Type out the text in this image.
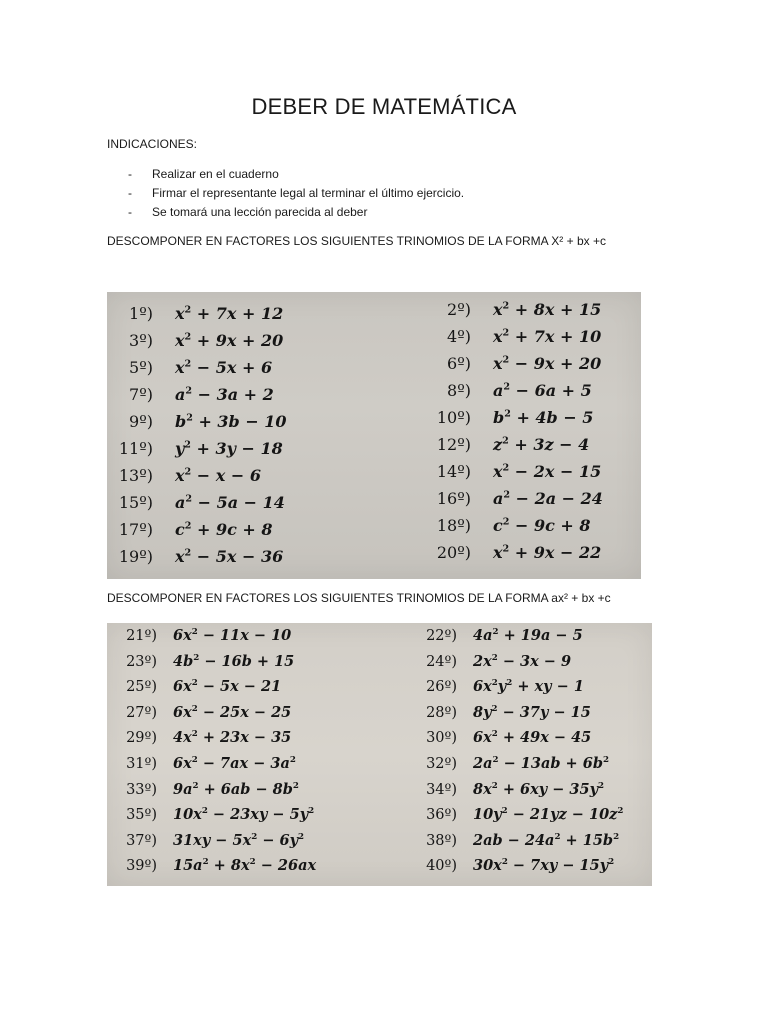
DEBER DE MATEMÁTICA
INDICACIONES:
-	Realizar en el cuaderno
-	Firmar el representante legal al terminar el último ejercicio.
-	Se tomará una lección parecida al deber
DESCOMPONER EN FACTORES LOS SIGUIENTES TRINOMIOS DE LA FORMA X² + bx +c
1º) $x^2 + 7x + 12$	2º) $x^2 + 8x + 15$
3º) $x^2 + 9x + 20$	4º) $x^2 + 7x + 10$
5º) $x^2 - 5x + 6$	6º) $x^2 - 9x + 20$
7º) $a^2 - 3a + 2$	8º) $a^2 - 6a + 5$
9º) $b^2 + 3b - 10$	10º) $b^2 + 4b - 5$
11º) $y^2 + 3y - 18$	12º) $z^2 + 3z - 4$
13º) $x^2 - x - 6$	14º) $x^2 - 2x - 15$
15º) $a^2 - 5a - 14$	16º) $a^2 - 2a - 24$
17º) $c^2 + 9c + 8$	18º) $c^2 - 9c + 8$
19º) $x^2 - 5x - 36$	20º) $x^2 + 9x - 22$
DESCOMPONER EN FACTORES LOS SIGUIENTES TRINOMIOS DE LA FORMA ax² + bx +c
21º) $6x^2 - 11x - 10$	22º) $4a^2 + 19a - 5$
23º) $4b^2 - 16b + 15$	24º) $2x^2 - 3x - 9$
25º) $6x^2 - 5x - 21$	26º) $6x^2y^2$ + xy − 1
27º) $6x^2 - 25x - 25$	28º) $8y^2 - 37y - 15$
29º) $4x^2 + 23x - 35$	30º) $6x^2 + 49x - 45$
31º) $6x^2 - 7ax - 3a^2$	32º) $2a^2 - 13ab + 6b^2$
33º) $9a^2 + 6ab - 8b^2$	34º) $8x^2 + 6xy - 35y^2$
35º) $10x^2 - 23xy - 5y^2$	36º) $10y^2 - 21yz - 10z^2$
37º) $31xy - 5x^2 - 6y^2$	38º) $2ab - 24a^2 + 15b^2$
39º) $15a^2 + 8x^2 - 26ax$	40º) $30x^2 - 7xy - 15y^2$
